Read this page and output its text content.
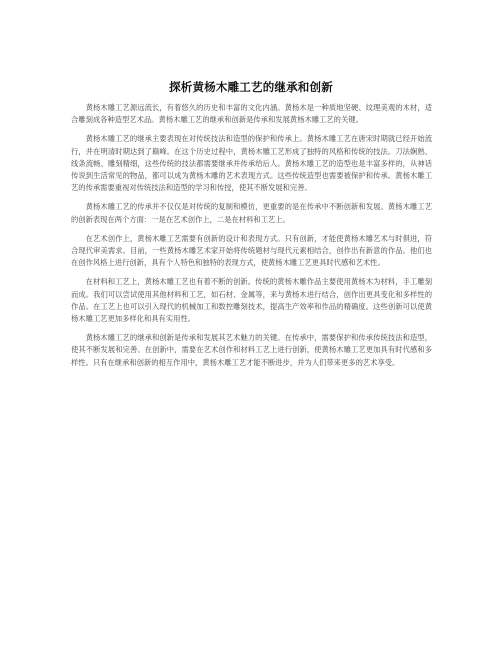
探析黄杨木雕工艺的继承和创新

黄杨木雕工艺源远流长，有着悠久的历史和丰富的文化内涵。黄杨木是一种质地坚硬、纹理美观的木材，适合雕刻成各种造型艺术品。黄杨木雕工艺的继承和创新是传承和发展黄杨木雕工艺的关键。

黄杨木雕工艺的继承主要表现在对传统技法和造型的保护和传承上。黄杨木雕工艺在唐宋时期就已经开始流行，并在明清时期达到了巅峰。在这个历史过程中，黄杨木雕工艺形成了独特的风格和传统的技法。刀法娴熟、线条流畅、雕刻精细，这些传统的技法都需要继承并传承给后人。黄杨木雕工艺的造型也是丰富多样的，从神话传说到生活常见的物品，都可以成为黄杨木雕的艺术表现方式。这些传统造型也需要被保护和传承。黄杨木雕工艺的传承需要重视对传统技法和造型的学习和传授，使其不断发展和完善。

黄杨木雕工艺的传承并不仅仅是对传统的复制和模仿，更重要的是在传承中不断创新和发展。黄杨木雕工艺的创新表现在两个方面：一是在艺术创作上，二是在材料和工艺上。

在艺术创作上，黄杨木雕工艺需要有创新的设计和表现方式。只有创新，才能使黄杨木雕艺术与时俱进，符合现代审美需求。目前，一些黄杨木雕艺术家开始将传统题材与现代元素相结合，创作出有新意的作品。他们也在创作风格上进行创新，具有个人特色和独特的表现方式，使黄杨木雕工艺更具时代感和艺术性。

在材料和工艺上，黄杨木雕工艺也有着不断的创新。传统的黄杨木雕作品主要使用黄杨木为材料，手工雕刻而成。我们可以尝试使用其他材料和工艺，如石材、金属等，来与黄杨木进行结合，创作出更具变化和多样性的作品。在工艺上也可以引入现代的机械加工和数控雕刻技术，提高生产效率和作品的精确度。这些创新可以使黄杨木雕工艺更加多样化和具有实用性。

黄杨木雕工艺的继承和创新是传承和发展其艺术魅力的关键。在传承中，需要保护和传承传统技法和造型，使其不断发展和完善。在创新中，需要在艺术创作和材料工艺上进行创新，使黄杨木雕工艺更加具有时代感和多样性。只有在继承和创新的相互作用中，黄杨木雕工艺才能不断进步，并为人们带来更多的艺术享受。
